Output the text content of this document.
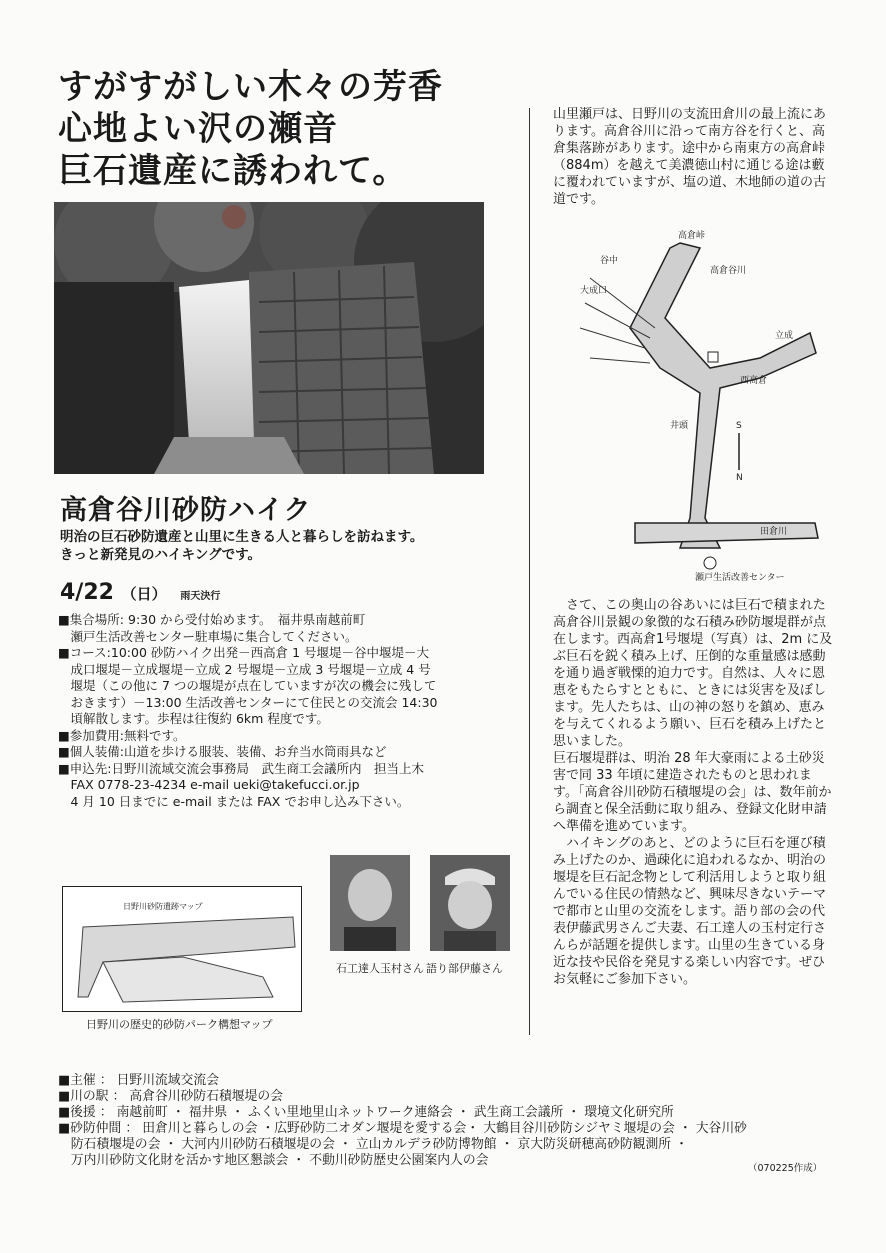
すがすがしい木々の芳香
心地よい沢の瀬音
巨石遺産に誘われて。
山里瀬戸は、日野川の支流田倉川の最上流にあります。高倉谷川に沿って南方谷を行くと、高倉集落跡があります。途中から南東方の高倉峠（884m）を越えて美濃徳山村に通じる途は藪に覆われていますが、塩の道、木地師の道の古道です。
高倉峠
高倉谷川
立成
谷中
大成口
西高倉
井頭
田倉川
S
N
瀬戸生活改善センター

さて、この奥山の谷あいには巨石で積まれた高倉谷川景観の象徴的な石積み砂防堰堤群が点在します。西高倉1号堰堤（写真）は、2m に及ぶ巨石を鋭く積み上げ、圧倒的な重量感は感動を通り過ぎ戦慄的迫力です。自然は、人々に恩恵をもたらすとともに、ときには災害を及ぼします。先人たちは、山の神の怒りを鎮め、恵みを与えてくれるよう願い、巨石を積み上げたと思いました。

巨石堰堤群は、明治 28 年大豪雨による土砂災害で同 33 年頃に建造されたものと思われます。「高倉谷川砂防石積堰堤の会」は、数年前から調査と保全活動に取り組み、登録文化財申請へ準備を進めています。

ハイキングのあと、どのように巨石を運び積み上げたのか、過疎化に追われるなか、明治の堰堤を巨石記念物として利活用しようと取り組んでいる住民の情熱など、興味尽きないテーマで都市と山里の交流をします。語り部の会の代表伊藤武男さんご夫妻、石工達人の玉村定行さんらが話題を提供します。山里の生きている身近な技や民俗を発見する楽しい内容です。ぜひお気軽にご参加下さい。

高倉谷川砂防ハイク
明治の巨石砂防遺産と山里に生きる人と暮らしを訪ねます。
きっと新発見のハイキングです。
4/22 （日） 雨天決行
■集合場所: 9:30 から受付始めます。　福井県南越前町
　瀬戸生活改善センター駐車場に集合してください。
■コース:10:00 砂防ハイク出発－西高倉 1 号堰堤－谷中堰堤－大
　成口堰堤－立成堰堤－立成 2 号堰堤－立成 3 号堰堤－立成 4 号
　堰堤（この他に 7 つの堰堤が点在していますが次の機会に残して
　おきます）－13:00 生活改善センターにて住民との交流会 14:30
　頃解散します。歩程は往復約 6km 程度です。
■参加費用:無料です。
■個人装備:山道を歩ける服装、装備、お弁当水筒雨具など
■申込先:日野川流域交流会事務局　武生商工会議所内　担当上木
　FAX 0778-23-4234 e-mail ueki@takefucci.or.jp
　4 月 10 日までに e-mail または FAX でお申し込み下さい。
日野川砂防遺跡マップ
日野川の歴史的砂防パーク構想マップ
石工達人玉村さん 語り部伊藤さん
■主催 ： 日野川流域交流会
■川の駅 ： 高倉谷川砂防石積堰堤の会
■後援 ： 南越前町 ・ 福井県 ・ ふくい里地里山ネットワーク連絡会 ・ 武生商工会議所 ・ 環境文化研究所
■砂防仲間 ： 田倉川と暮らしの会 ・広野砂防二オダン堰堤を愛する会・ 大鶴目谷川砂防シジヤミ堰堤の会 ・ 大谷川砂
　防石積堰堤の会 ・ 大河内川砂防石積堰堤の会 ・ 立山カルデラ砂防博物館 ・ 京大防災研穂高砂防観測所 ・
　万内川砂防文化財を活かす地区懇談会 ・ 不動川砂防歴史公園案内人の会
（070225作成）
